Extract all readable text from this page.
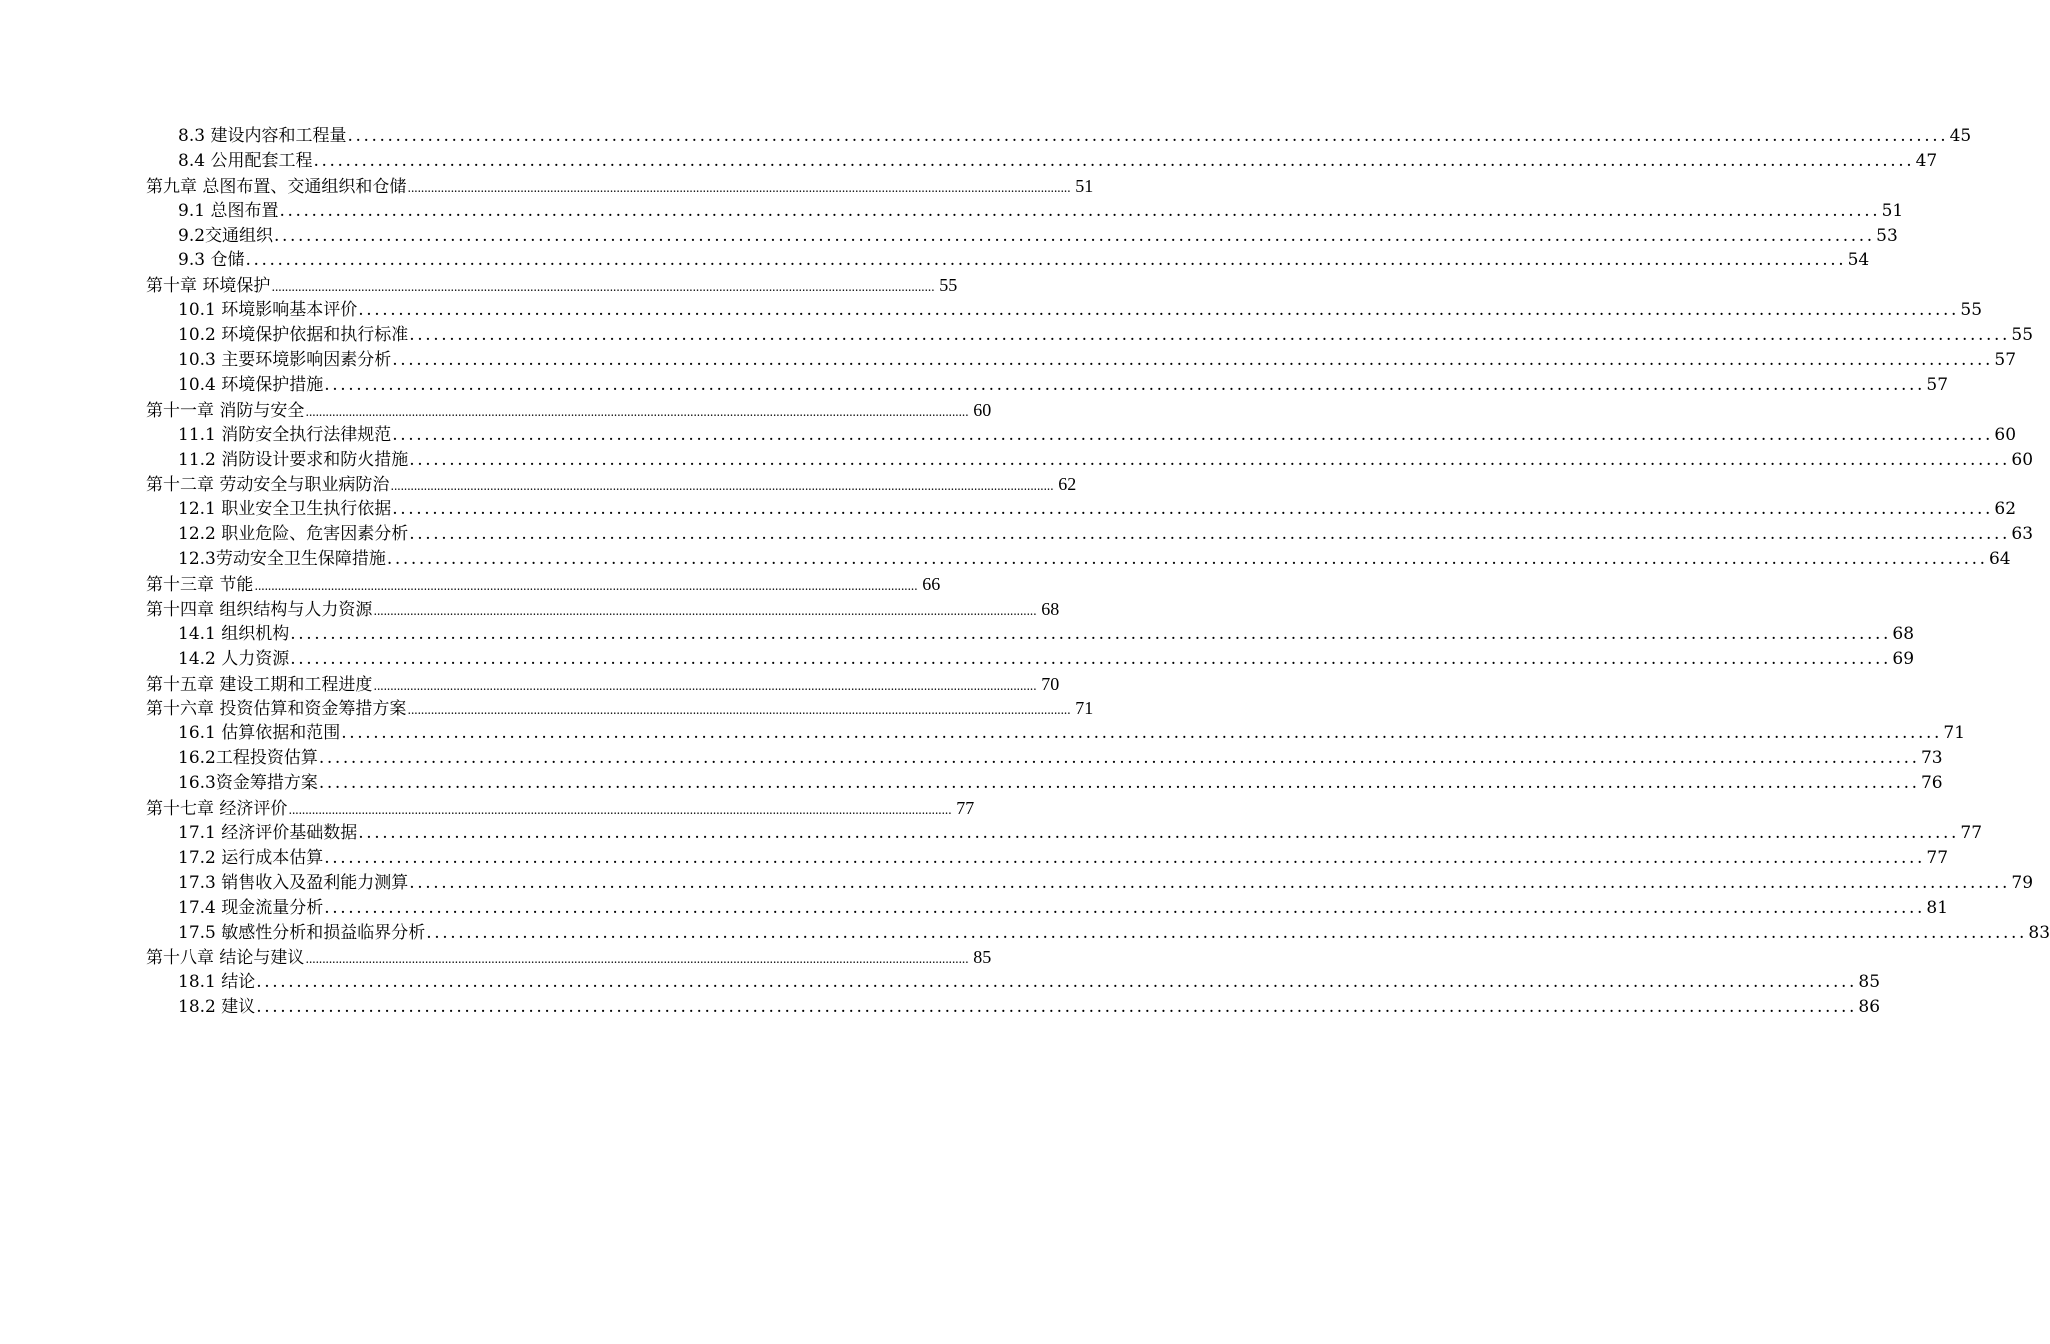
8.3 建设内容和工程量 ........................................................................................................................................................................................................ 45
8.4 公用配套工程 ........................................................................................................................................................................................................ 47
第九章 总图布置、交通组织和仓储 ........................................................................................................................................................................................................ 51
9.1 总图布置 ........................................................................................................................................................................................................ 51
9.2交通组织 ........................................................................................................................................................................................................ 53
9.3 仓储 ........................................................................................................................................................................................................ 54
第十章 环境保护 ........................................................................................................................................................................................................ 55
10.1 环境影响基本评价 ........................................................................................................................................................................................................ 55
10.2 环境保护依据和执行标准 ........................................................................................................................................................................................................ 55
10.3 主要环境影响因素分析 ........................................................................................................................................................................................................ 57
10.4 环境保护措施 ........................................................................................................................................................................................................ 57
第十一章 消防与安全 ........................................................................................................................................................................................................ 60
11.1 消防安全执行法律规范 ........................................................................................................................................................................................................ 60
11.2 消防设计要求和防火措施 ........................................................................................................................................................................................................ 60
第十二章 劳动安全与职业病防治 ........................................................................................................................................................................................................ 62
12.1 职业安全卫生执行依据 ........................................................................................................................................................................................................ 62
12.2 职业危险、危害因素分析 ........................................................................................................................................................................................................ 63
12.3劳动安全卫生保障措施 ........................................................................................................................................................................................................ 64
第十三章 节能 ........................................................................................................................................................................................................ 66
第十四章 组织结构与人力资源 ........................................................................................................................................................................................................ 68
14.1 组织机构 ........................................................................................................................................................................................................ 68
14.2 人力资源 ........................................................................................................................................................................................................ 69
第十五章 建设工期和工程进度 ........................................................................................................................................................................................................ 70
第十六章 投资估算和资金筹措方案 ........................................................................................................................................................................................................ 71
16.1 估算依据和范围 ........................................................................................................................................................................................................ 71
16.2工程投资估算 ........................................................................................................................................................................................................ 73
16.3资金筹措方案 ........................................................................................................................................................................................................ 76
第十七章 经济评价 ........................................................................................................................................................................................................ 77
17.1 经济评价基础数据 ........................................................................................................................................................................................................ 77
17.2 运行成本估算 ........................................................................................................................................................................................................ 77
17.3 销售收入及盈利能力测算 ........................................................................................................................................................................................................ 79
17.4 现金流量分析 ........................................................................................................................................................................................................ 81
17.5 敏感性分析和损益临界分析 ........................................................................................................................................................................................................ 83
第十八章 结论与建议 ........................................................................................................................................................................................................ 85
18.1 结论 ........................................................................................................................................................................................................ 85
18.2 建议 ........................................................................................................................................................................................................ 86
